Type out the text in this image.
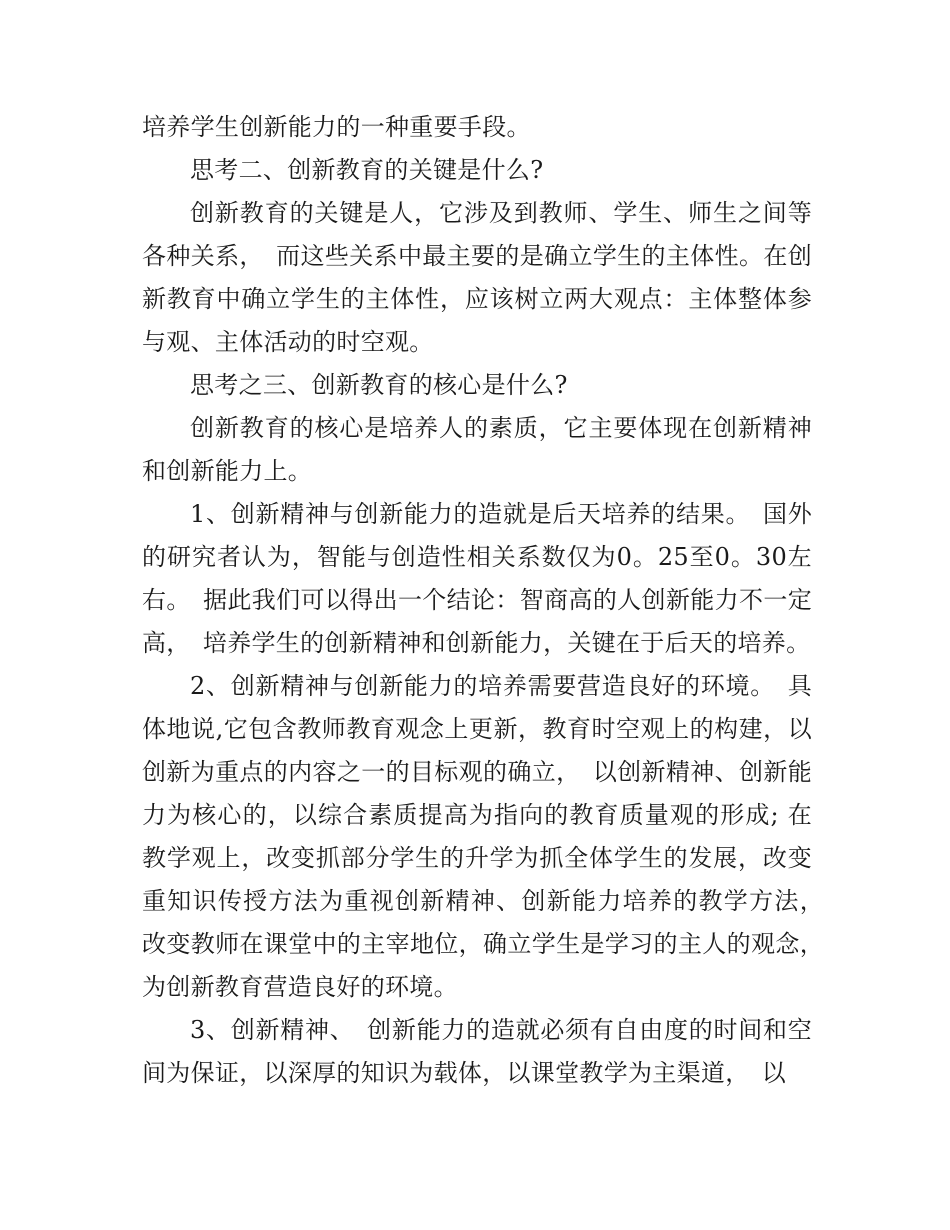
培养学生创新能力的一种重要手段。

思考二、创新教育的关键是什么?

创新教育的关键是人，它涉及到教师、学生、师生之间等各种关系，　而这些关系中最主要的是确立学生的主体性。在创新教育中确立学生的主体性，应该树立两大观点：主体整体参与观、主体活动的时空观。

思考之三、创新教育的核心是什么?

创新教育的核心是培养人的素质，它主要体现在创新精神和创新能力上。

1、创新精神与创新能力的造就是后天培养的结果。　国外的研究者认为，智能与创造性相关系数仅为0。25至0。30左右。　据此我们可以得出一个结论：智商高的人创新能力不一定高，　培养学生的创新精神和创新能力，关键在于后天的培养。

2、创新精神与创新能力的培养需要营造良好的环境。　具体地说,它包含教师教育观念上更新，教育时空观上的构建，以创新为重点的内容之一的目标观的确立，　以创新精神、创新能力为核心的，以综合素质提高为指向的教育质量观的形成; 在教学观上，改变抓部分学生的升学为抓全体学生的发展，改变重知识传授方法为重视创新精神、创新能力培养的教学方法，　改变教师在课堂中的主宰地位，确立学生是学习的主人的观念，　为创新教育营造良好的环境。

3、创新精神、　创新能力的造就必须有自由度的时间和空间为保证，以深厚的知识为载体，以课堂教学为主渠道，　以
